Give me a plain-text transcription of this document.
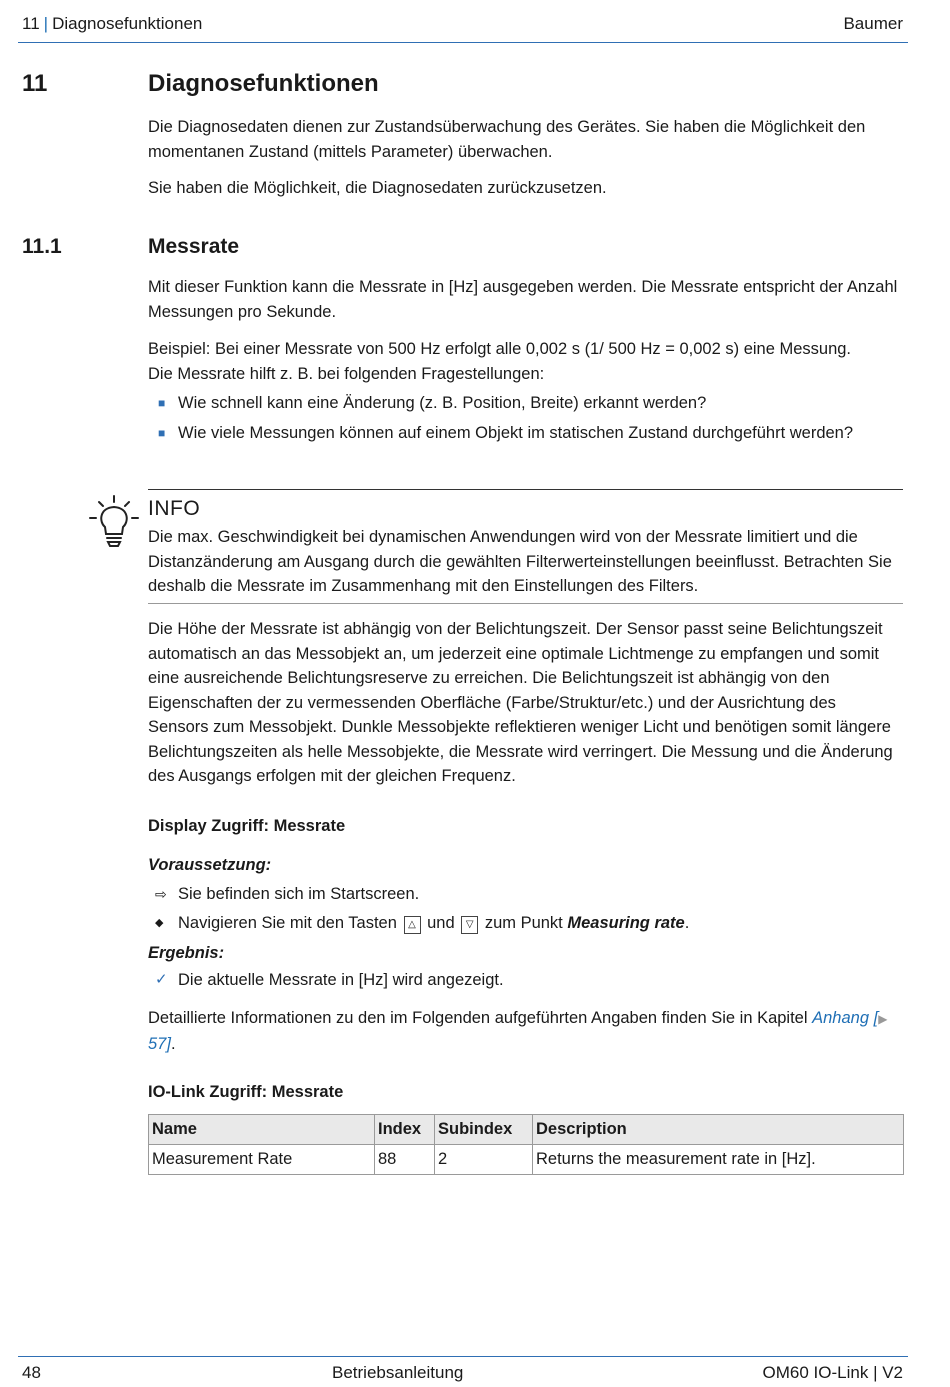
11 | Diagnosefunktionen	Baumer
11	Diagnosefunktionen
Die Diagnosedaten dienen zur Zustandsüberwachung des Gerätes. Sie haben die Möglichkeit den momentanen Zustand (mittels Parameter) überwachen.
Sie haben die Möglichkeit, die Diagnosedaten zurückzusetzen.
11.1	Messrate
Mit dieser Funktion kann die Messrate in [Hz] ausgegeben werden. Die Messrate entspricht der Anzahl Messungen pro Sekunde.
Beispiel: Bei einer Messrate von 500 Hz erfolgt alle 0,002 s (1/ 500 Hz = 0,002 s) eine Messung. Die Messrate hilft z. B. bei folgenden Fragestellungen:
■ Wie schnell kann eine Änderung (z. B. Position, Breite) erkannt werden?
■ Wie viele Messungen können auf einem Objekt im statischen Zustand durchgeführt werden?
INFO
Die max. Geschwindigkeit bei dynamischen Anwendungen wird von der Messrate limitiert und die Distanzänderung am Ausgang durch die gewählten Filterwerteinstellungen beeinflusst. Betrachten Sie deshalb die Messrate im Zusammenhang mit den Einstellungen des Filters.
Die Höhe der Messrate ist abhängig von der Belichtungszeit. Der Sensor passt seine Belichtungszeit automatisch an das Messobjekt an, um jederzeit eine optimale Lichtmenge zu empfangen und somit eine ausreichende Belichtungsreserve zu erreichen. Die Belichtungszeit ist abhängig von den Eigenschaften der zu vermessenden Oberfläche (Farbe/Struktur/etc.) und der Ausrichtung des Sensors zum Messobjekt. Dunkle Messobjekte reflektieren weniger Licht und benötigen somit längere Belichtungszeiten als helle Messobjekte, die Messrate wird verringert. Die Messung und die Änderung des Ausgangs erfolgen mit der gleichen Frequenz.
Display Zugriff: Messrate
Voraussetzung:
⇨ Sie befinden sich im Startscreen.
◆ Navigieren Sie mit den Tasten △ und ▽ zum Punkt Measuring rate.
Ergebnis:
✓ Die aktuelle Messrate in [Hz] wird angezeigt.
Detaillierte Informationen zu den im Folgenden aufgeführten Angaben finden Sie in Kapitel Anhang [▶ 57].
IO-Link Zugriff: Messrate
Name	Index	Subindex	Description
Measurement Rate	88	2	Returns the measurement rate in [Hz].
48	Betriebsanleitung	OM60 IO-Link | V2
